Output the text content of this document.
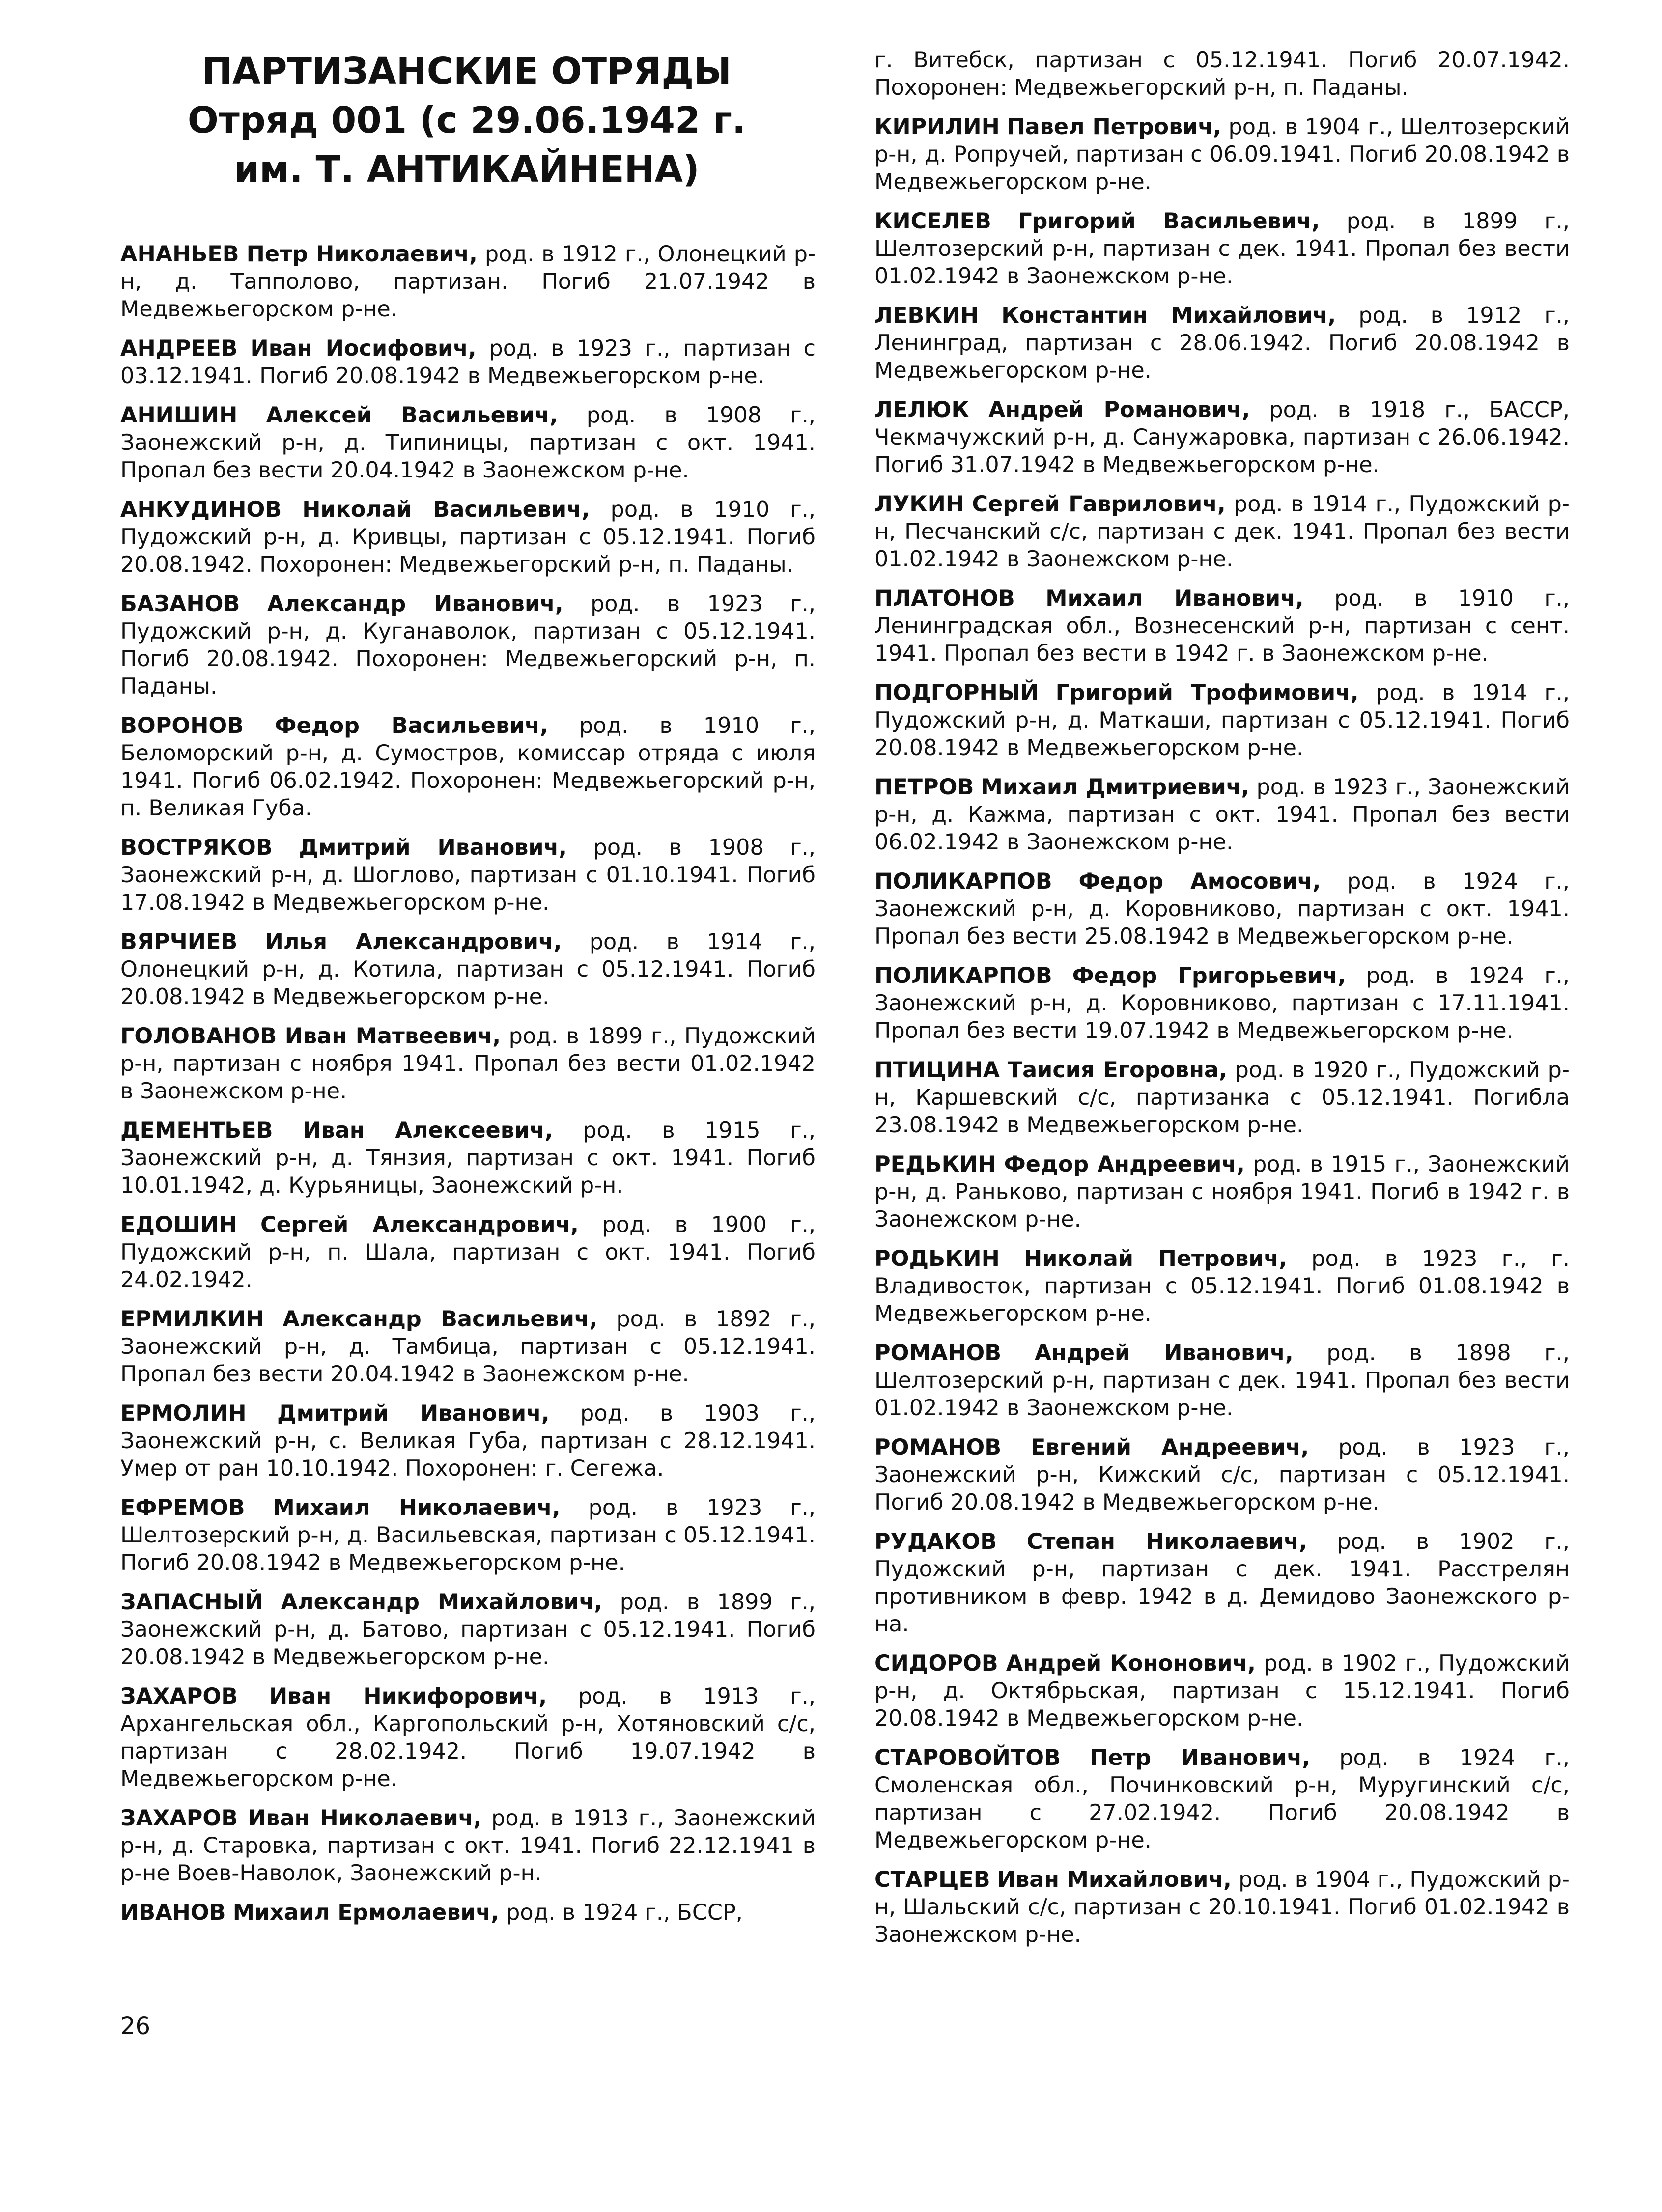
ПАРТИЗАНСКИЕ ОТРЯДЫ
Отряд 001 (с 29.06.1942 г.
им. Т. АНТИКАЙНЕНА)
АНАНЬЕВ Петр Николаевич, род. в 1912 г., Олонецкий р-н, д. Тапполово, партизан. Погиб 21.07.1942 в Медвежьегорском р-не.
АНДРЕЕВ Иван Иосифович, род. в 1923 г., партизан с 03.12.1941. Погиб 20.08.1942 в Медвежьегорском р-не.
АНИШИН Алексей Васильевич, род. в 1908 г., Заонежский р-н, д. Типиницы, партизан с окт. 1941. Пропал без вести 20.04.1942 в Заонежском р-не.
АНКУДИНОВ Николай Васильевич, род. в 1910 г., Пудожский р-н, д. Кривцы, партизан с 05.12.1941. Погиб 20.08.1942. Похоронен: Медвежьегорский р-н, п. Паданы.
БАЗАНОВ Александр Иванович, род. в 1923 г., Пудожский р-н, д. Куганаволок, партизан с 05.12.1941. Погиб 20.08.1942. Похоронен: Медвежьегорский р-н, п. Паданы.
ВОРОНОВ Федор Васильевич, род. в 1910 г., Беломорский р-н, д. Сумостров, комиссар отряда с июля 1941. Погиб 06.02.1942. Похоронен: Медвежьегорский р-н, п. Великая Губа.
ВОСТРЯКОВ Дмитрий Иванович, род. в 1908 г., Заонежский р-н, д. Шоглово, партизан с 01.10.1941. Погиб 17.08.1942 в Медвежьегорском р-не.
ВЯРЧИЕВ Илья Александрович, род. в 1914 г., Олонецкий р-н, д. Котила, партизан с 05.12.1941. Погиб 20.08.1942 в Медвежьегорском р-не.
ГОЛОВАНОВ Иван Матвеевич, род. в 1899 г., Пудожский р-н, партизан с ноября 1941. Пропал без вести 01.02.1942 в Заонежском р-не.
ДЕМЕНТЬЕВ Иван Алексеевич, род. в 1915 г., Заонежский р-н, д. Тянзия, партизан с окт. 1941. Погиб 10.01.1942, д. Курьяницы, Заонежский р-н.
ЕДОШИН Сергей Александрович, род. в 1900 г., Пудожский р-н, п. Шала, партизан с окт. 1941. Погиб 24.02.1942.
ЕРМИЛКИН Александр Васильевич, род. в 1892 г., Заонежский р-н, д. Тамбица, партизан с 05.12.1941. Пропал без вести 20.04.1942 в Заонежском р-не.
ЕРМОЛИН Дмитрий Иванович, род. в 1903 г., Заонежский р-н, с. Великая Губа, партизан с 28.12.1941. Умер от ран 10.10.1942. Похоронен: г. Сегежа.
ЕФРЕМОВ Михаил Николаевич, род. в 1923 г., Шелтозерский р-н, д. Васильевская, партизан с 05.12.1941. Погиб 20.08.1942 в Медвежьегорском р-не.
ЗАПАСНЫЙ Александр Михайлович, род. в 1899 г., Заонежский р-н, д. Батово, партизан с 05.12.1941. Погиб 20.08.1942 в Медвежьегорском р-не.
ЗАХАРОВ Иван Никифорович, род. в 1913 г., Архангельская обл., Каргопольский р-н, Хотяновский с/с, партизан с 28.02.1942. Погиб 19.07.1942 в Медвежьегорском р-не.
ЗАХАРОВ Иван Николаевич, род. в 1913 г., Заонежский р-н, д. Старовка, партизан с окт. 1941. Погиб 22.12.1941 в р-не Воев-Наволок, Заонежский р-н.
ИВАНОВ Михаил Ермолаевич, род. в 1924 г., БССР,
г. Витебск, партизан с 05.12.1941. Погиб 20.07.1942. Похоронен: Медвежьегорский р-н, п. Паданы.
КИРИЛИН Павел Петрович, род. в 1904 г., Шелтозерский р-н, д. Ропручей, партизан с 06.09.1941. Погиб 20.08.1942 в Медвежьегорском р-не.
КИСЕЛЕВ Григорий Васильевич, род. в 1899 г., Шелтозерский р-н, партизан с дек. 1941. Пропал без вести 01.02.1942 в Заонежском р-не.
ЛЕВКИН Константин Михайлович, род. в 1912 г., Ленинград, партизан с 28.06.1942. Погиб 20.08.1942 в Медвежьегорском р-не.
ЛЕЛЮК Андрей Романович, род. в 1918 г., БАССР, Чекмачужский р-н, д. Санужаровка, партизан с 26.06.1942. Погиб 31.07.1942 в Медвежьегорском р-не.
ЛУКИН Сергей Гаврилович, род. в 1914 г., Пудожский р-н, Песчанский с/с, партизан с дек. 1941. Пропал без вести 01.02.1942 в Заонежском р-не.
ПЛАТОНОВ Михаил Иванович, род. в 1910 г., Ленинградская обл., Вознесенский р-н, партизан с сент. 1941. Пропал без вести в 1942 г. в Заонежском р-не.
ПОДГОРНЫЙ Григорий Трофимович, род. в 1914 г., Пудожский р-н, д. Маткаши, партизан с 05.12.1941. Погиб 20.08.1942 в Медвежьегорском р-не.
ПЕТРОВ Михаил Дмитриевич, род. в 1923 г., Заонежский р-н, д. Кажма, партизан с окт. 1941. Пропал без вести 06.02.1942 в Заонежском р-не.
ПОЛИКАРПОВ Федор Амосович, род. в 1924 г., Заонежский р-н, д. Коровниково, партизан с окт. 1941. Пропал без вести 25.08.1942 в Медвежьегорском р-не.
ПОЛИКАРПОВ Федор Григорьевич, род. в 1924 г., Заонежский р-н, д. Коровниково, партизан с 17.11.1941. Пропал без вести 19.07.1942 в Медвежьегорском р-не.
ПТИЦИНА Таисия Егоровна, род. в 1920 г., Пудожский р-н, Каршевский с/с, партизанка с 05.12.1941. Погибла 23.08.1942 в Медвежьегорском р-не.
РЕДЬКИН Федор Андреевич, род. в 1915 г., Заонежский р-н, д. Раньково, партизан с ноября 1941. Погиб в 1942 г. в Заонежском р-не.
РОДЬКИН Николай Петрович, род. в 1923 г., г. Владивосток, партизан с 05.12.1941. Погиб 01.08.1942 в Медвежьегорском р-не.
РОМАНОВ Андрей Иванович, род. в 1898 г., Шелтозерский р-н, партизан с дек. 1941. Пропал без вести 01.02.1942 в Заонежском р-не.
РОМАНОВ Евгений Андреевич, род. в 1923 г., Заонежский р-н, Кижский с/с, партизан с 05.12.1941. Погиб 20.08.1942 в Медвежьегорском р-не.
РУДАКОВ Степан Николаевич, род. в 1902 г., Пудожский р-н, партизан с дек. 1941. Расстрелян противником в февр. 1942 в д. Демидово Заонежского р-на.
СИДОРОВ Андрей Кононович, род. в 1902 г., Пудожский р-н, д. Октябрьская, партизан с 15.12.1941. Погиб 20.08.1942 в Медвежьегорском р-не.
СТАРОВОЙТОВ Петр Иванович, род. в 1924 г., Смоленская обл., Починковский р-н, Муругинский с/с, партизан с 27.02.1942. Погиб 20.08.1942 в Медвежьегорском р-не.
СТАРЦЕВ Иван Михайлович, род. в 1904 г., Пудожский р-н, Шальский с/с, партизан с 20.10.1941. Погиб 01.02.1942 в Заонежском р-не.
26
